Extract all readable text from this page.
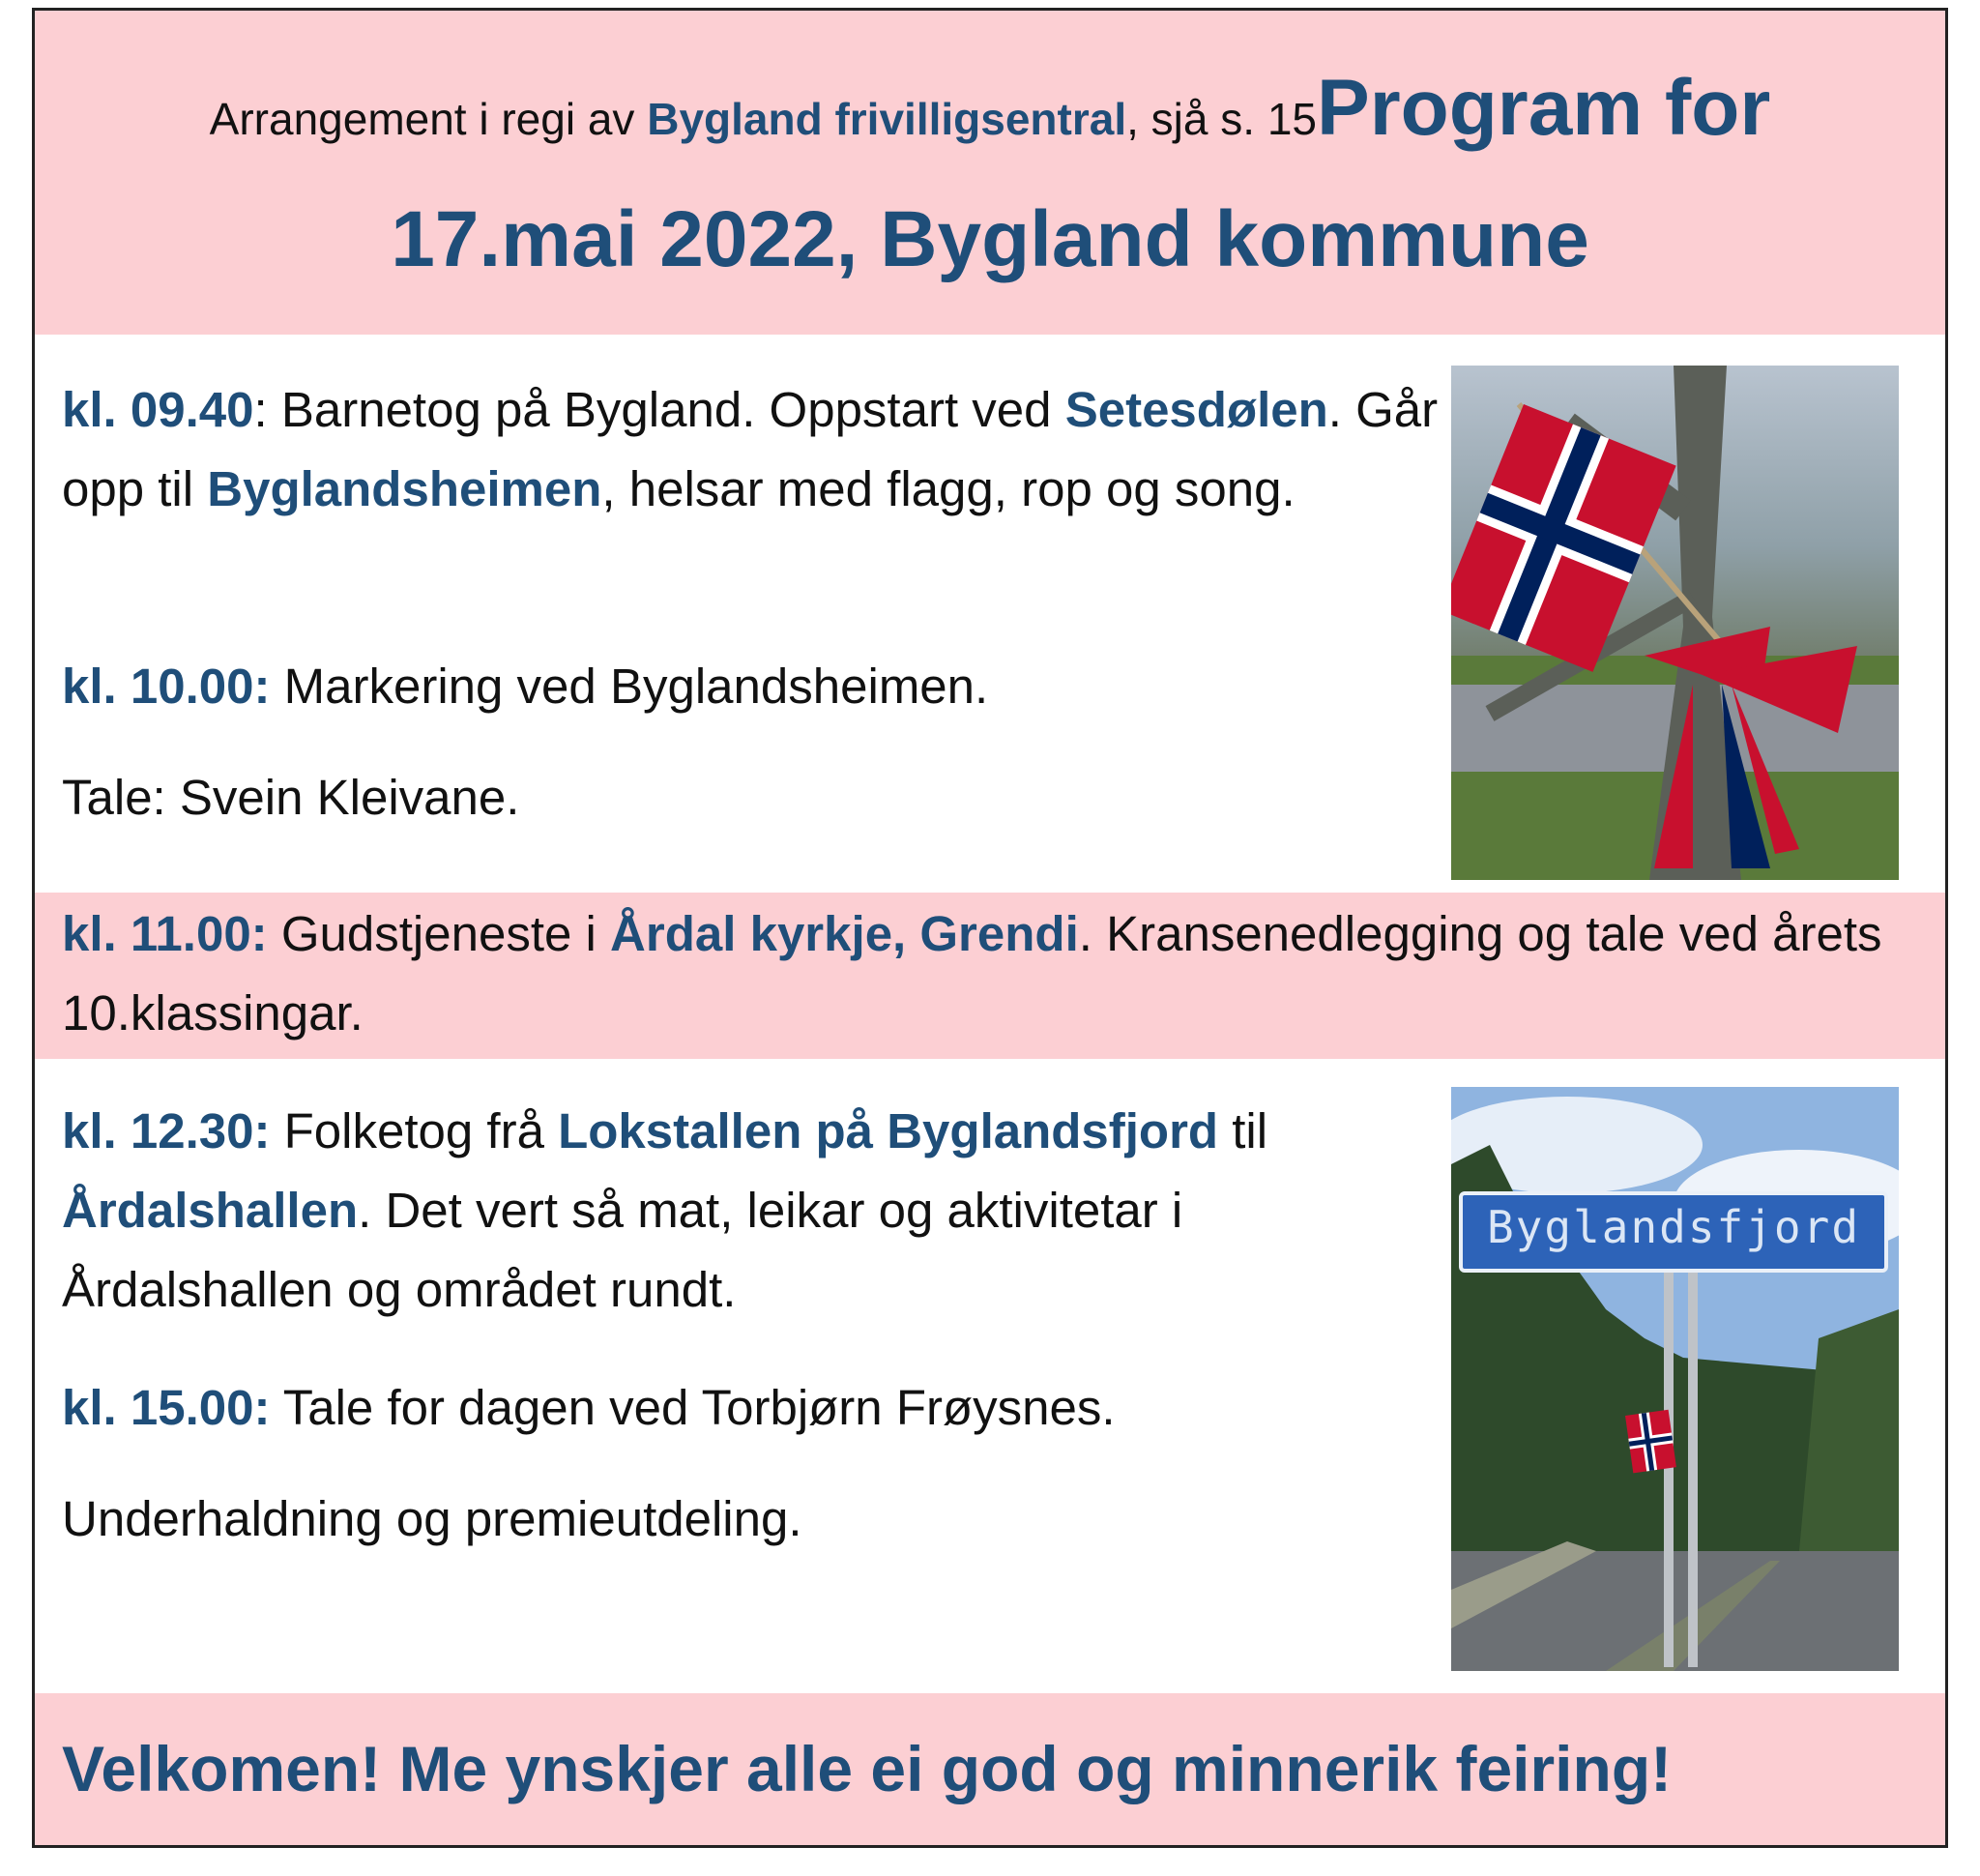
Arrangement i regi av Bygland frivilligsentral, sjå s. 15Program for
17.mai 2022, Bygland kommune

kl. 09.40: Barnetog på Bygland. Oppstart ved Setesdølen. Går opp til Byglandsheimen, helsar med flagg, rop og song.

kl. 10.00: Markering ved Byglandsheimen.

Tale: Svein Kleivane.

kl. 11.00: Gudstjeneste i Årdal kyrkje, Grendi. Kransenedlegging og tale ved årets 10.klassingar.

kl. 12.30: Folketog frå Lokstallen på Byglandsfjord til Årdalshallen. Det vert så mat, leikar og aktivitetar i Årdalshallen og området rundt.

kl. 15.00: Tale for dagen ved Torbjørn Frøysnes.

Underhaldning og premieutdeling.

Byglandsfjord
Velkomen! Me ynskjer alle ei god og minnerik feiring!
